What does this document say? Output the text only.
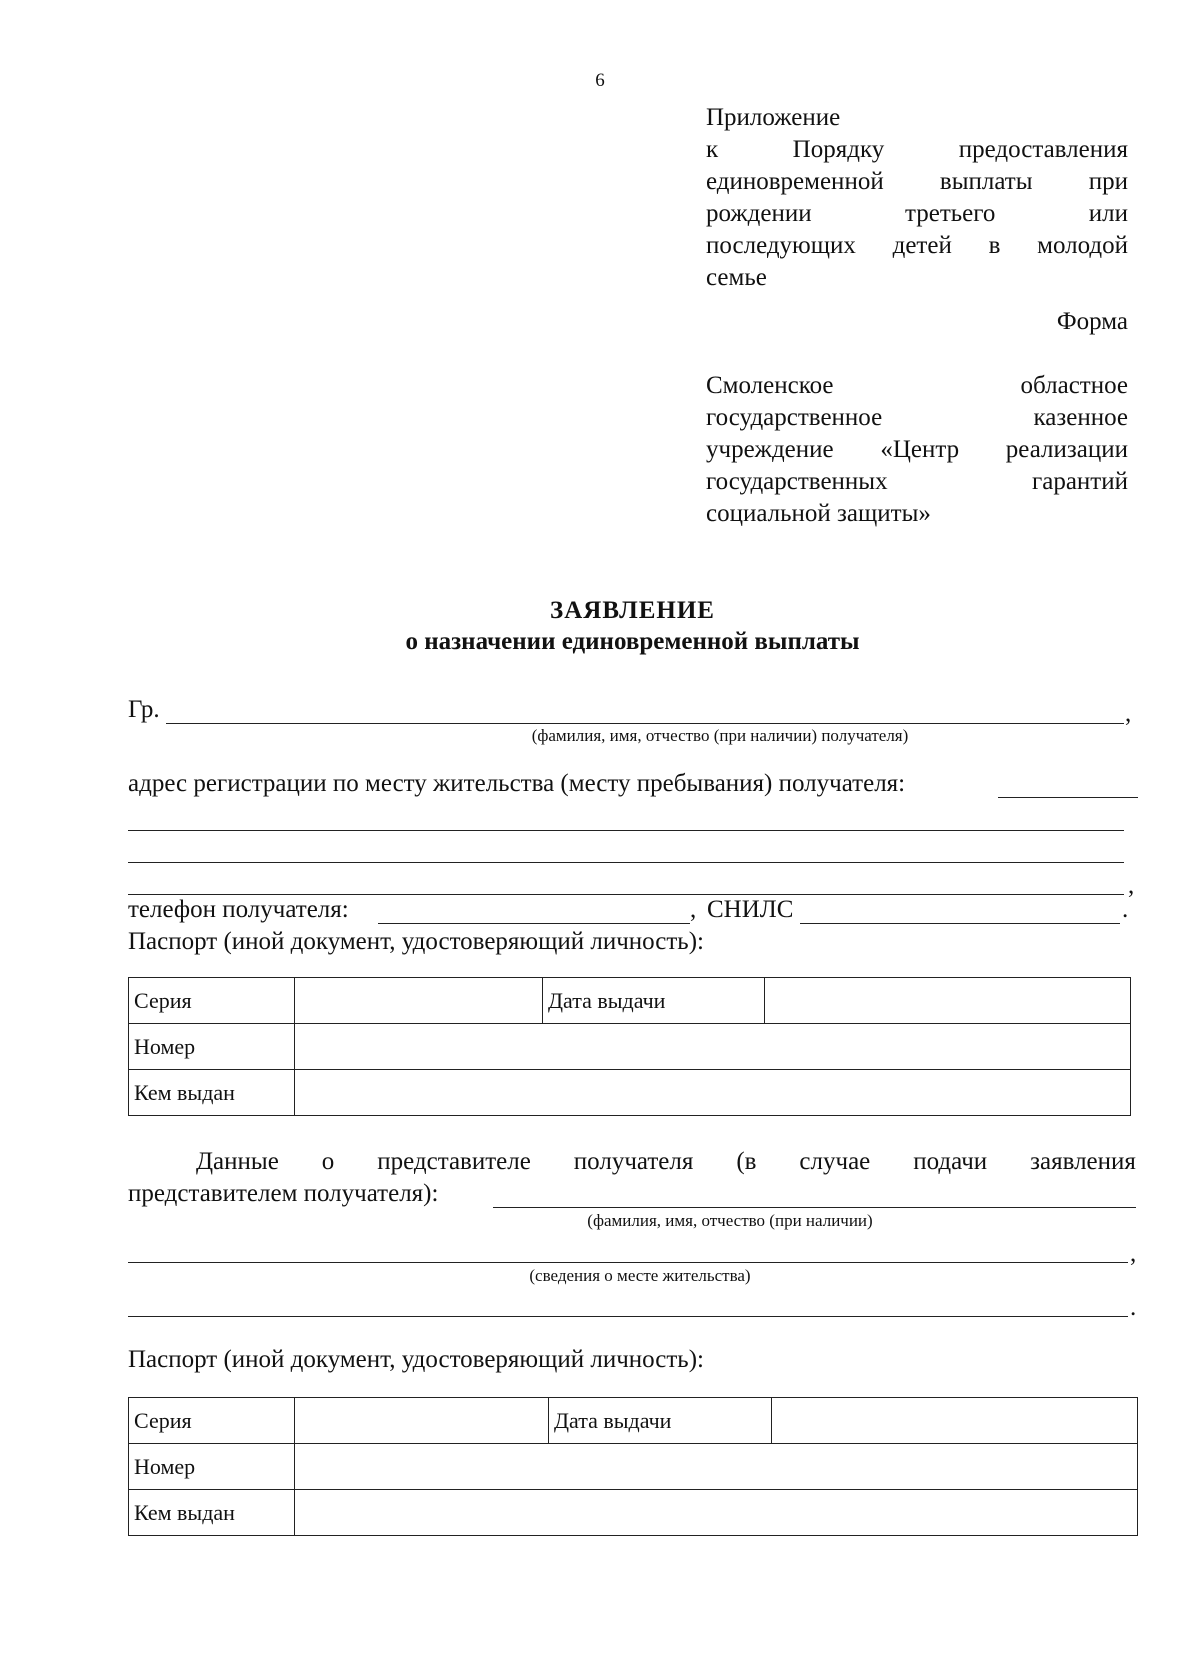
6
Приложение
к Порядку предоставления
единовременной выплаты при
рождении третьего или
последующих детей в молодой
семье
Форма
Смоленское областное
государственное казенное
учреждение «Центр реализации
государственных гарантий
социальной защиты»
ЗАЯВЛЕНИЕ
о назначении единовременной выплаты
Гр.	,
(фамилия, имя, отчество (при наличии) получателя)
адрес регистрации по месту жительства (месту пребывания) получателя:
,
телефон получателя:	, СНИЛС	.
Паспорт (иной документ, удостоверяющий личность):
Серия		Дата выдачи	
Номер			
Кем выдан			
Данные о представителе получателя (в случае подачи заявления
представителем получателя):
(фамилия, имя, отчество (при наличии)
,
(сведения о месте жительства)
.
Паспорт (иной документ, удостоверяющий личность):
Серия		Дата выдачи	
Номер			
Кем выдан			
